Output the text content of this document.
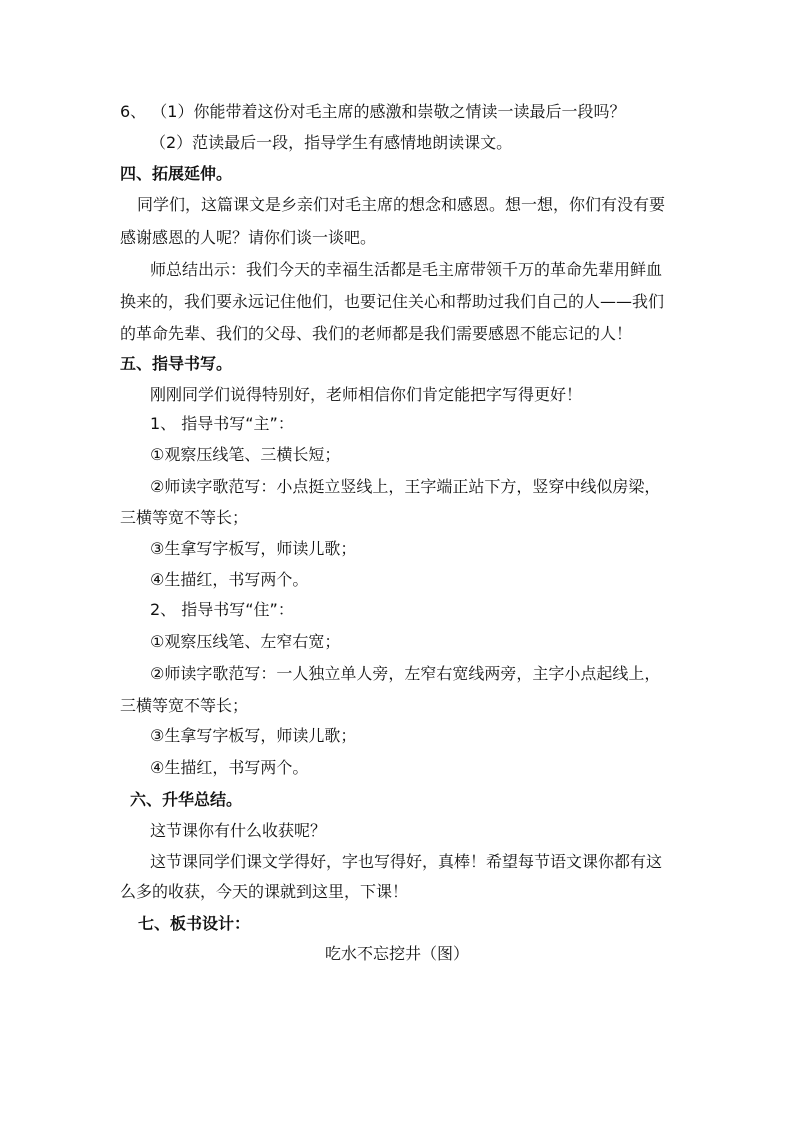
6、 （1）你能带着这份对毛主席的感激和崇敬之情读一读最后一段吗？
（2）范读最后一段，指导学生有感情地朗读课文。
四、拓展延伸。
同学们，这篇课文是乡亲们对毛主席的想念和感恩。想一想，你们有没有要
感谢感恩的人呢？请你们谈一谈吧。
师总结出示：我们今天的幸福生活都是毛主席带领千万的革命先辈用鲜血
换来的，我们要永远记住他们，也要记住关心和帮助过我们自己的人——我们
的革命先辈、我们的父母、我们的老师都是我们需要感恩不能忘记的人！
五、指导书写。
刚刚同学们说得特别好，老师相信你们肯定能把字写得更好！
1、 指导书写“主”：
①观察压线笔、三横长短；
②师读字歌范写：小点挺立竖线上，王字端正站下方，竖穿中线似房梁，
三横等宽不等长；
③生拿写字板写，师读儿歌；
④生描红，书写两个。
2、 指导书写“住”：
①观察压线笔、左窄右宽；
②师读字歌范写：一人独立单人旁，左窄右宽线两旁，主字小点起线上，
三横等宽不等长；
③生拿写字板写，师读儿歌；
④生描红，书写两个。
六、升华总结。
这节课你有什么收获呢？
这节课同学们课文学得好，字也写得好，真棒！希望每节语文课你都有这
么多的收获，今天的课就到这里，下课！
七、板书设计：
吃水不忘挖井（图）
